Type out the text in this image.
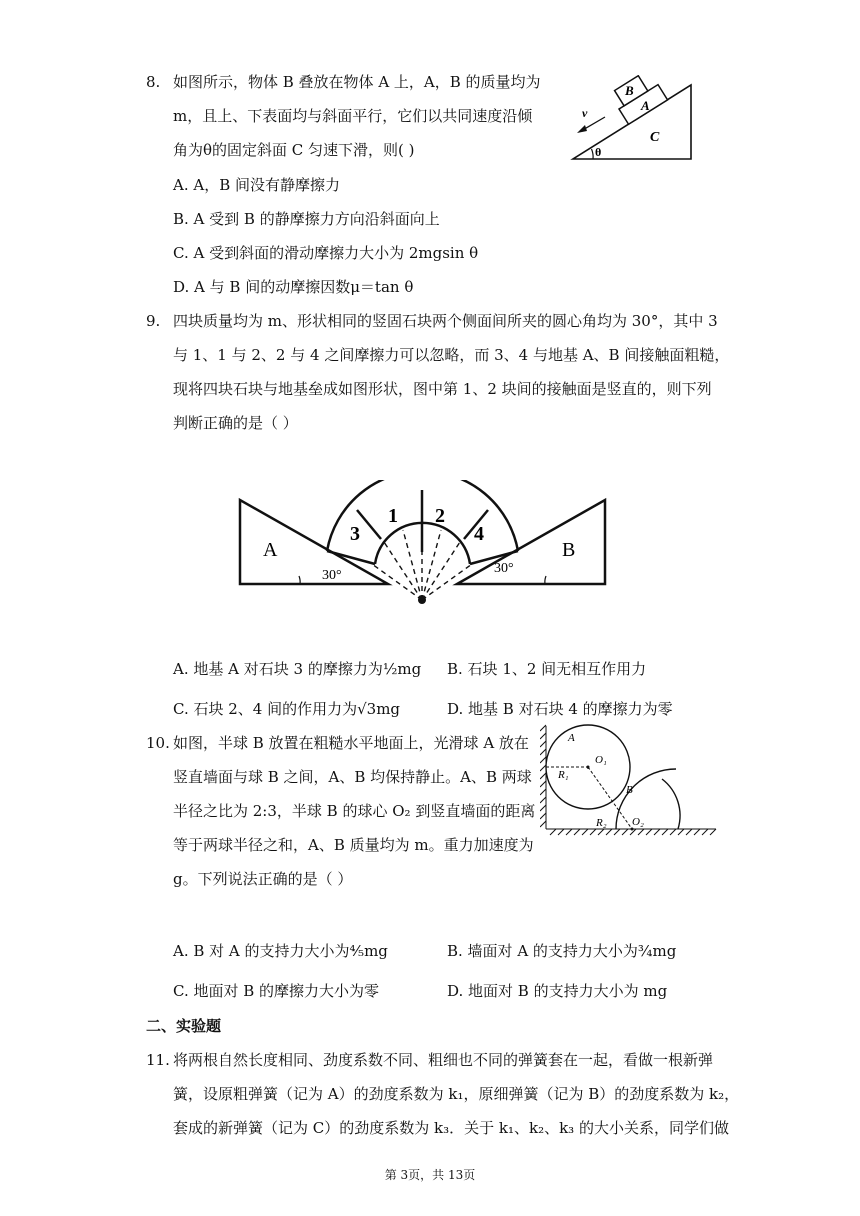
8. 如图所示，物体 B 叠放在物体 A 上，A，B 的质量均为
m，且上、下表面均与斜面平行，它们以共同速度沿倾
角为θ的固定斜面 C 匀速下滑，则( )
A. A，B 间没有静摩擦力
B. A 受到 B 的静摩擦力方向沿斜面向上
C. A 受到斜面的滑动摩擦力大小为 2mgsin θ
D. A 与 B 间的动摩擦因数μ＝tan θ
B
A
C
v
θ
9. 四块质量均为 m、形状相同的竖固石块两个侧面间所夹的圆心角均为 30°，其中 3
与 1、1 与 2、2 与 4 之间摩擦力可以忽略，而 3、4 与地基 A、B 间接触面粗糙，
现将四块石块与地基垒成如图形状，图中第 1、2 块间的接触面是竖直的，则下列
判断正确的是（ ）
A	B
3
1 2
4
30°	30°
A. 地基 A 对石块 3 的摩擦力为½mg B. 石块 1、2 间无相互作用力
C. 石块 2、4 间的作用力为√3mg	D. 地基 B 对石块 4 的摩擦力为零
10. 如图，半球 B 放置在粗糙水平地面上，光滑球 A 放在
竖直墙面与球 B 之间，A、B 均保持静止。A、B 两球
半径之比为 2:3，半球 B 的球心 O₂ 到竖直墙面的距离
等于两球半径之和，A、B 质量均为 m。重力加速度为
g。下列说法正确的是（ ）
A
O₁
R₁
B
R₂ O₂
A. B 对 A 的支持力大小为⅘mg	B. 墙面对 A 的支持力大小为¾mg
C. 地面对 B 的摩擦力大小为零	D. 地面对 B 的支持力大小为 mg
二、实验题
11. 将两根自然长度相同、劲度系数不同、粗细也不同的弹簧套在一起，看做一根新弹
簧，设原粗弹簧（记为 A）的劲度系数为 k₁，原细弹簧（记为 B）的劲度系数为 k₂，
套成的新弹簧（记为 C）的劲度系数为 k₃．关于 k₁、k₂、k₃ 的大小关系，同学们做
第 3页，共 13页
